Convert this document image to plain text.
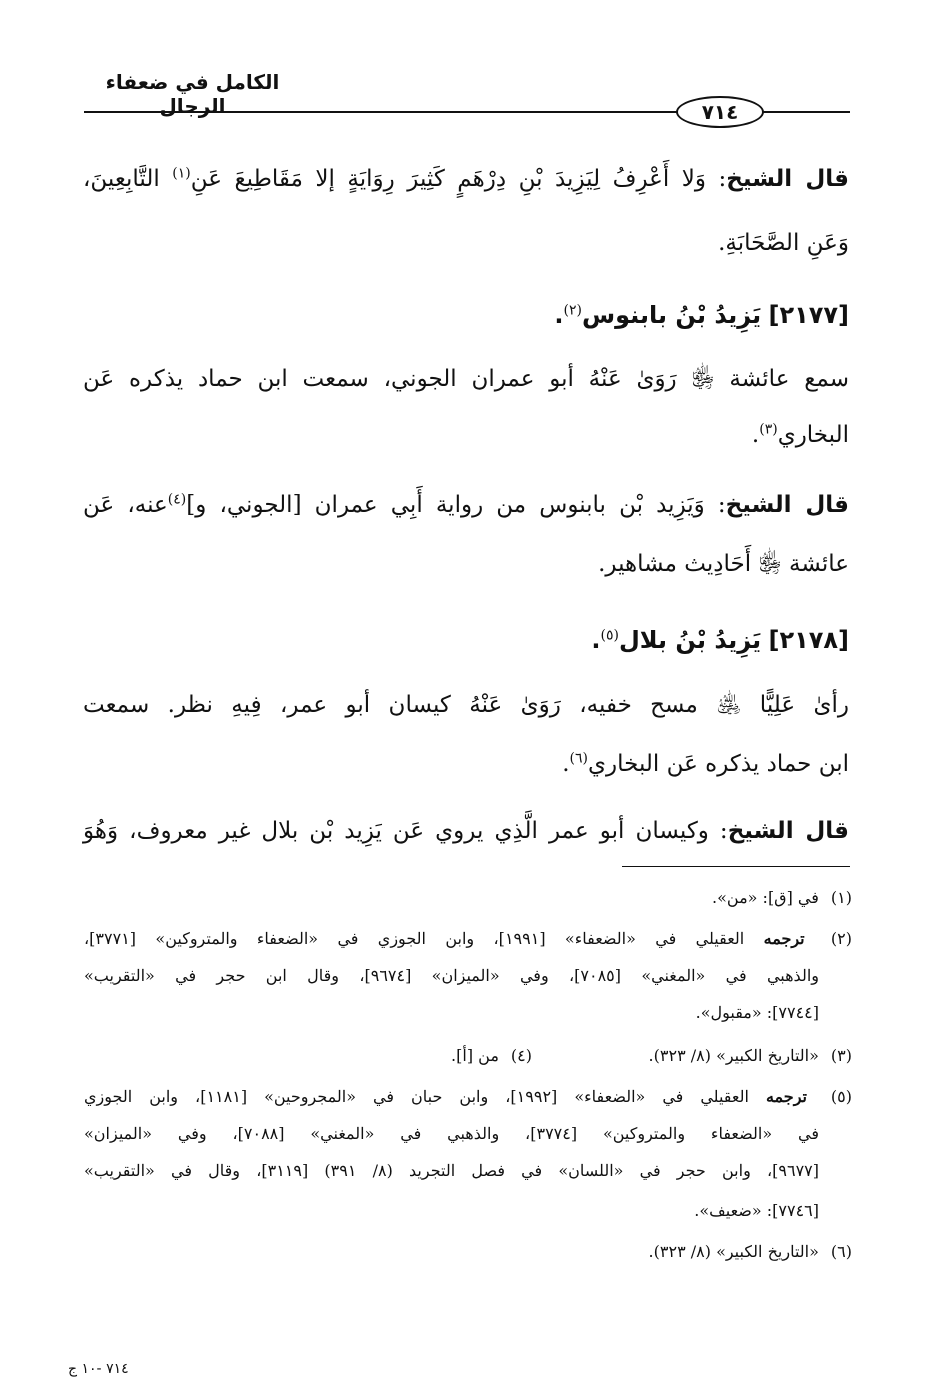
الكامل في ضعفاء الرجال	٧١٤
قال الشيخ: وَلا أَعْرِفُ لِيَزِيدَ بْنِ دِرْهَمٍ كَثِيرَ رِوَايَةٍ إلا مَقَاطِيعَ عَنِ$^{(١)}$ التَّابِعِينَ،
وَعَنِ الصَّحَابَةِ.
[٢١٧٧] يَزِيدُ بْنُ بابنوس$^{(٢)}$.
سمع عائشة ﵂ رَوَىٰ عَنْهُ أبو عمران الجوني، سمعت ابن حماد يذكره عَن
البخاري$^{(٣)}$.
قال الشيخ: وَيَزِيد بْن بابنوس من رواية أَبِي عمران [الجوني، و]$^{(٤)}$عنه، عَن
عائشة ﵂ أَحَادِيث مشاهير.
[٢١٧٨] يَزِيدُ بْنُ بلال$^{(٥)}$.
رأىٰ عَلِيًّا ﵁ مسح خفيه، رَوَىٰ عَنْهُ كيسان أبو عمر، فِيهِ نظر. سمعت
ابن حماد يذكره عَن البخاري$^{(٦)}$.
قال الشيخ: وكيسان أبو عمر الَّذِي يروي عَن يَزِيد بْن بلال غير معروف، وَهُوَ
(١) في [ق]: «من».
(٢) ترجمه العقيلي في «الضعفاء» [١٩٩١]، وابن الجوزي في «الضعفاء والمتروكين» [٣٧٧١]،
والذهبي في «المغني» [٧٠٨٥]، وفي «الميزان» [٩٦٧٤]، وقال ابن حجر في «التقريب»
[٧٧٤٤]: «مقبول».
(٣) «التاريخ الكبير» (٨/ ٣٢٣).
(٤) من [أ].
(٥) ترجمه العقيلي في «الضعفاء» [١٩٩٢]، وابن حبان في «المجروحين» [١١٨١]، وابن الجوزي
في «الضعفاء والمتروكين» [٣٧٧٤]، والذهبي في «المغني» [٧٠٨٨]، وفي «الميزان»
[٩٦٧٧]، وابن حجر في «اللسان» في فصل التجريد (٨/ ٣٩١) [٣١١٩]، وقال في «التقريب»
[٧٧٤٦]: «ضعيف».
(٦) «التاريخ الكبير» (٨/ ٣٢٣).
٧١٤ -١٠ ج
